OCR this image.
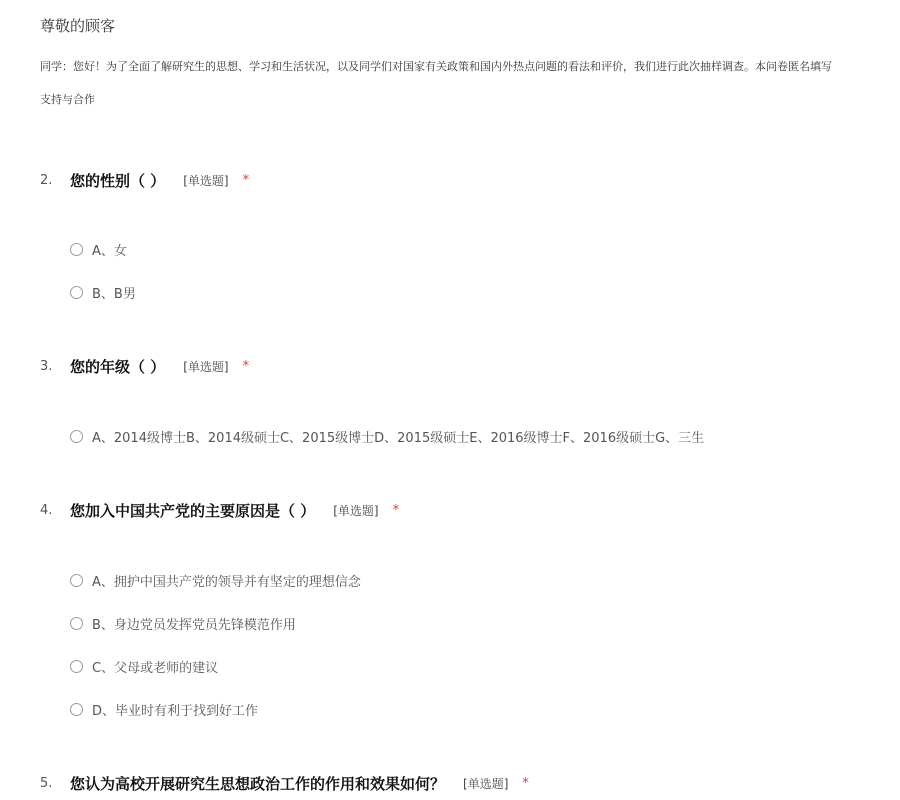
尊敬的顾客
同学：您好！为了全面了解研究生的思想、学习和生活状况，以及同学们对国家有关政策和国内外热点问题的看法和评价，我们进行此次抽样调查。本问卷匿名填写
支持与合作
2.	您的性别（ ） [单选题] *
A、女
B、B男
3.	您的年级（ ） [单选题] *
A、2014级博士B、2014级硕士C、2015级博士D、2015级硕士E、2016级博士F、2016级硕士G、三生
4.	您加入中国共产党的主要原因是（ ） [单选题] *
A、拥护中国共产党的领导并有坚定的理想信念
B、身边党员发挥党员先锋模范作用
C、父母或老师的建议
D、毕业时有利于找到好工作
5.	您认为高校开展研究生思想政治工作的作用和效果如何？ [单选题] *
